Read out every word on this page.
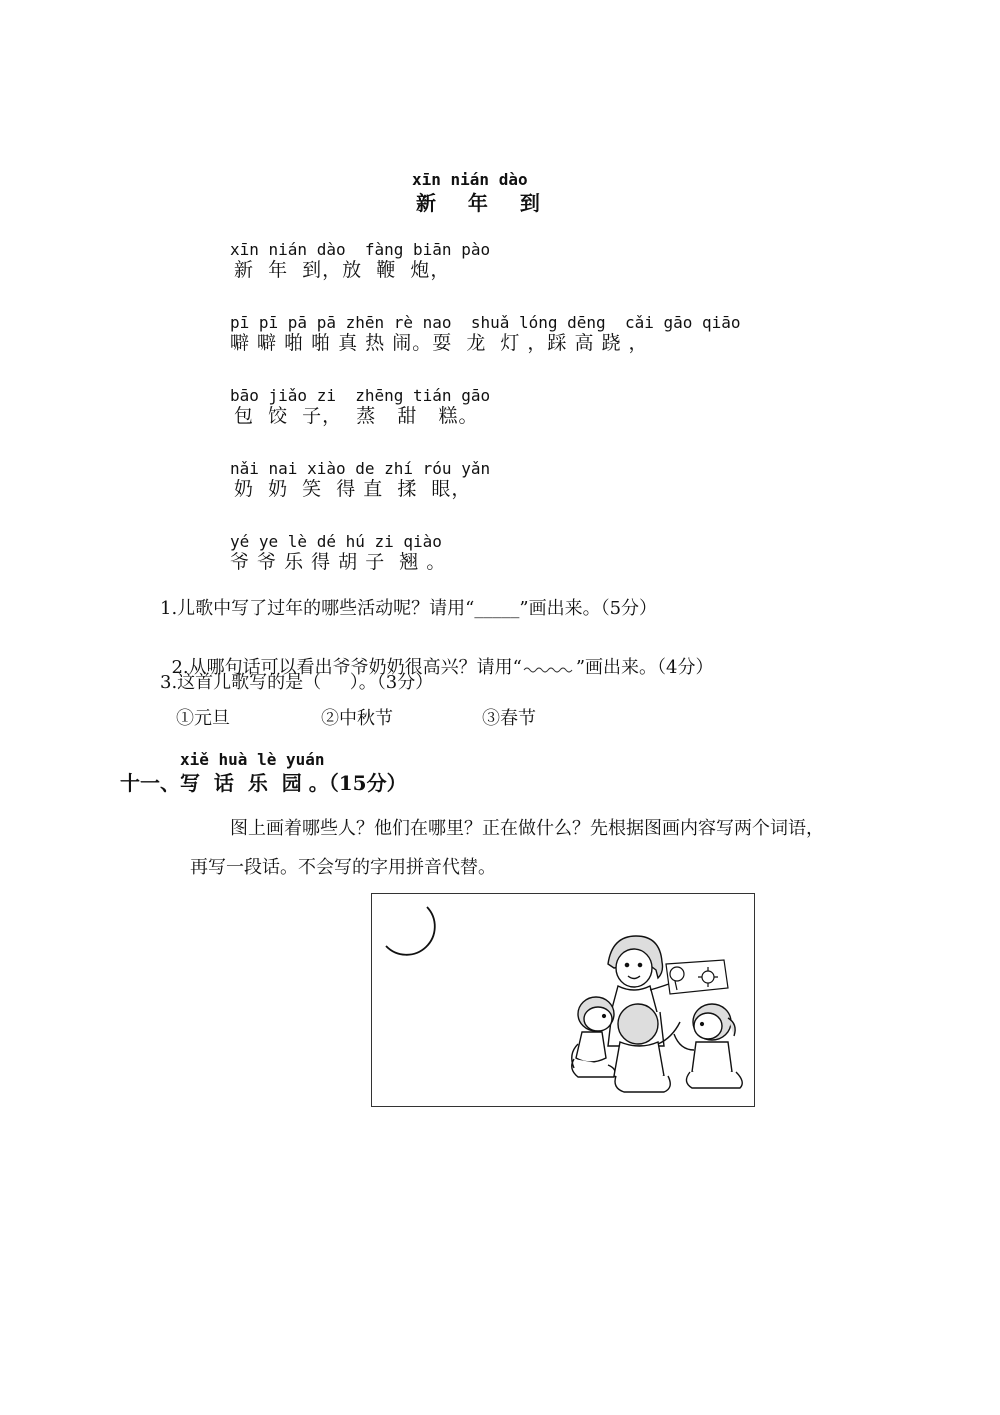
xīn nián dào
新  年  到
xīn nián dào  fàng biān pào
新  年  到，放  鞭  炮，
pī pī pā pā zhēn rè nao  shuǎ lóng dēng  cǎi gāo qiāo
噼 噼 啪 啪 真 热 闹。耍  龙  灯 ，踩 高 跷 ，
bāo jiǎo zi  zhēng tián gāo
包  饺  子，  蒸   甜   糕。
nǎi nai xiào de zhí róu yǎn
奶  奶  笑  得 直  揉  眼，
yé ye lè dé hú zi qiào
爷 爷 乐 得 胡 子  翘 。
1.儿歌中写了过年的哪些活动呢？请用“_____”画出来。（5分）

2.从哪句话可以看出爷爷奶奶很高兴？请用“	”画出来。（4分）

3.这首儿歌写的是（     ）。（3分）
①元旦	②中秋节	③春节
xiě huà lè yuán
十一、写  话  乐  园 。（15分）
图上画着哪些人？他们在哪里？正在做什么？先根据图画内容写两个词语，
再写一段话。不会写的字用拼音代替。
